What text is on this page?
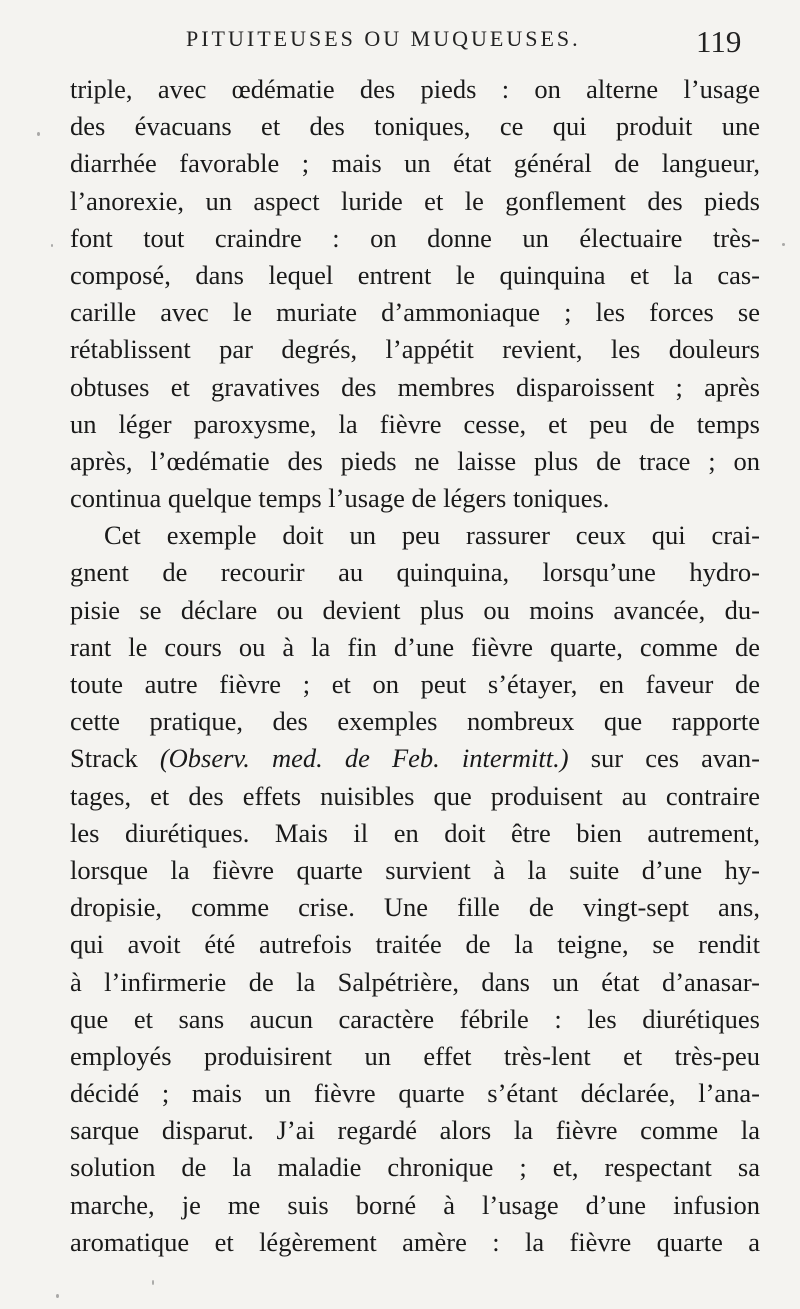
PITUITEUSES OU MUQUEUSES.	119
triple, avec œdématie des pieds : on alterne l’usage
des évacuans et des toniques, ce qui produit une
diarrhée favorable ; mais un état général de langueur,
l’anorexie, un aspect luride et le gonflement des pieds
font tout craindre : on donne un électuaire très-
composé, dans lequel entrent le quinquina et la cas-
carille avec le muriate d’ammoniaque ; les forces se
rétablissent par degrés, l’appétit revient, les douleurs
obtuses et gravatives des membres disparoissent ; après
un léger paroxysme, la fièvre cesse, et peu de temps
après, l’œdématie des pieds ne laisse plus de trace ; on
continua quelque temps l’usage de légers toniques.
Cet exemple doit un peu rassurer ceux qui crai-
gnent de recourir au quinquina, lorsqu’une hydro-
pisie se déclare ou devient plus ou moins avancée, du-
rant le cours ou à la fin d’une fièvre quarte, comme de
toute autre fièvre ; et on peut s’étayer, en faveur de
cette pratique, des exemples nombreux que rapporte
Strack (Observ. med. de Feb. intermitt.) sur ces avan-
tages, et des effets nuisibles que produisent au contraire
les diurétiques. Mais il en doit être bien autrement,
lorsque la fièvre quarte survient à la suite d’une hy-
dropisie, comme crise. Une fille de vingt-sept ans,
qui avoit été autrefois traitée de la teigne, se rendit
à l’infirmerie de la Salpétrière, dans un état d’anasar-
que et sans aucun caractère fébrile : les diurétiques
employés produisirent un effet très-lent et très-peu
décidé ; mais un fièvre quarte s’étant déclarée, l’ana-
sarque disparut. J’ai regardé alors la fièvre comme la
solution de la maladie chronique ; et, respectant sa
marche, je me suis borné à l’usage d’une infusion
aromatique et légèrement amère : la fièvre quarte a
